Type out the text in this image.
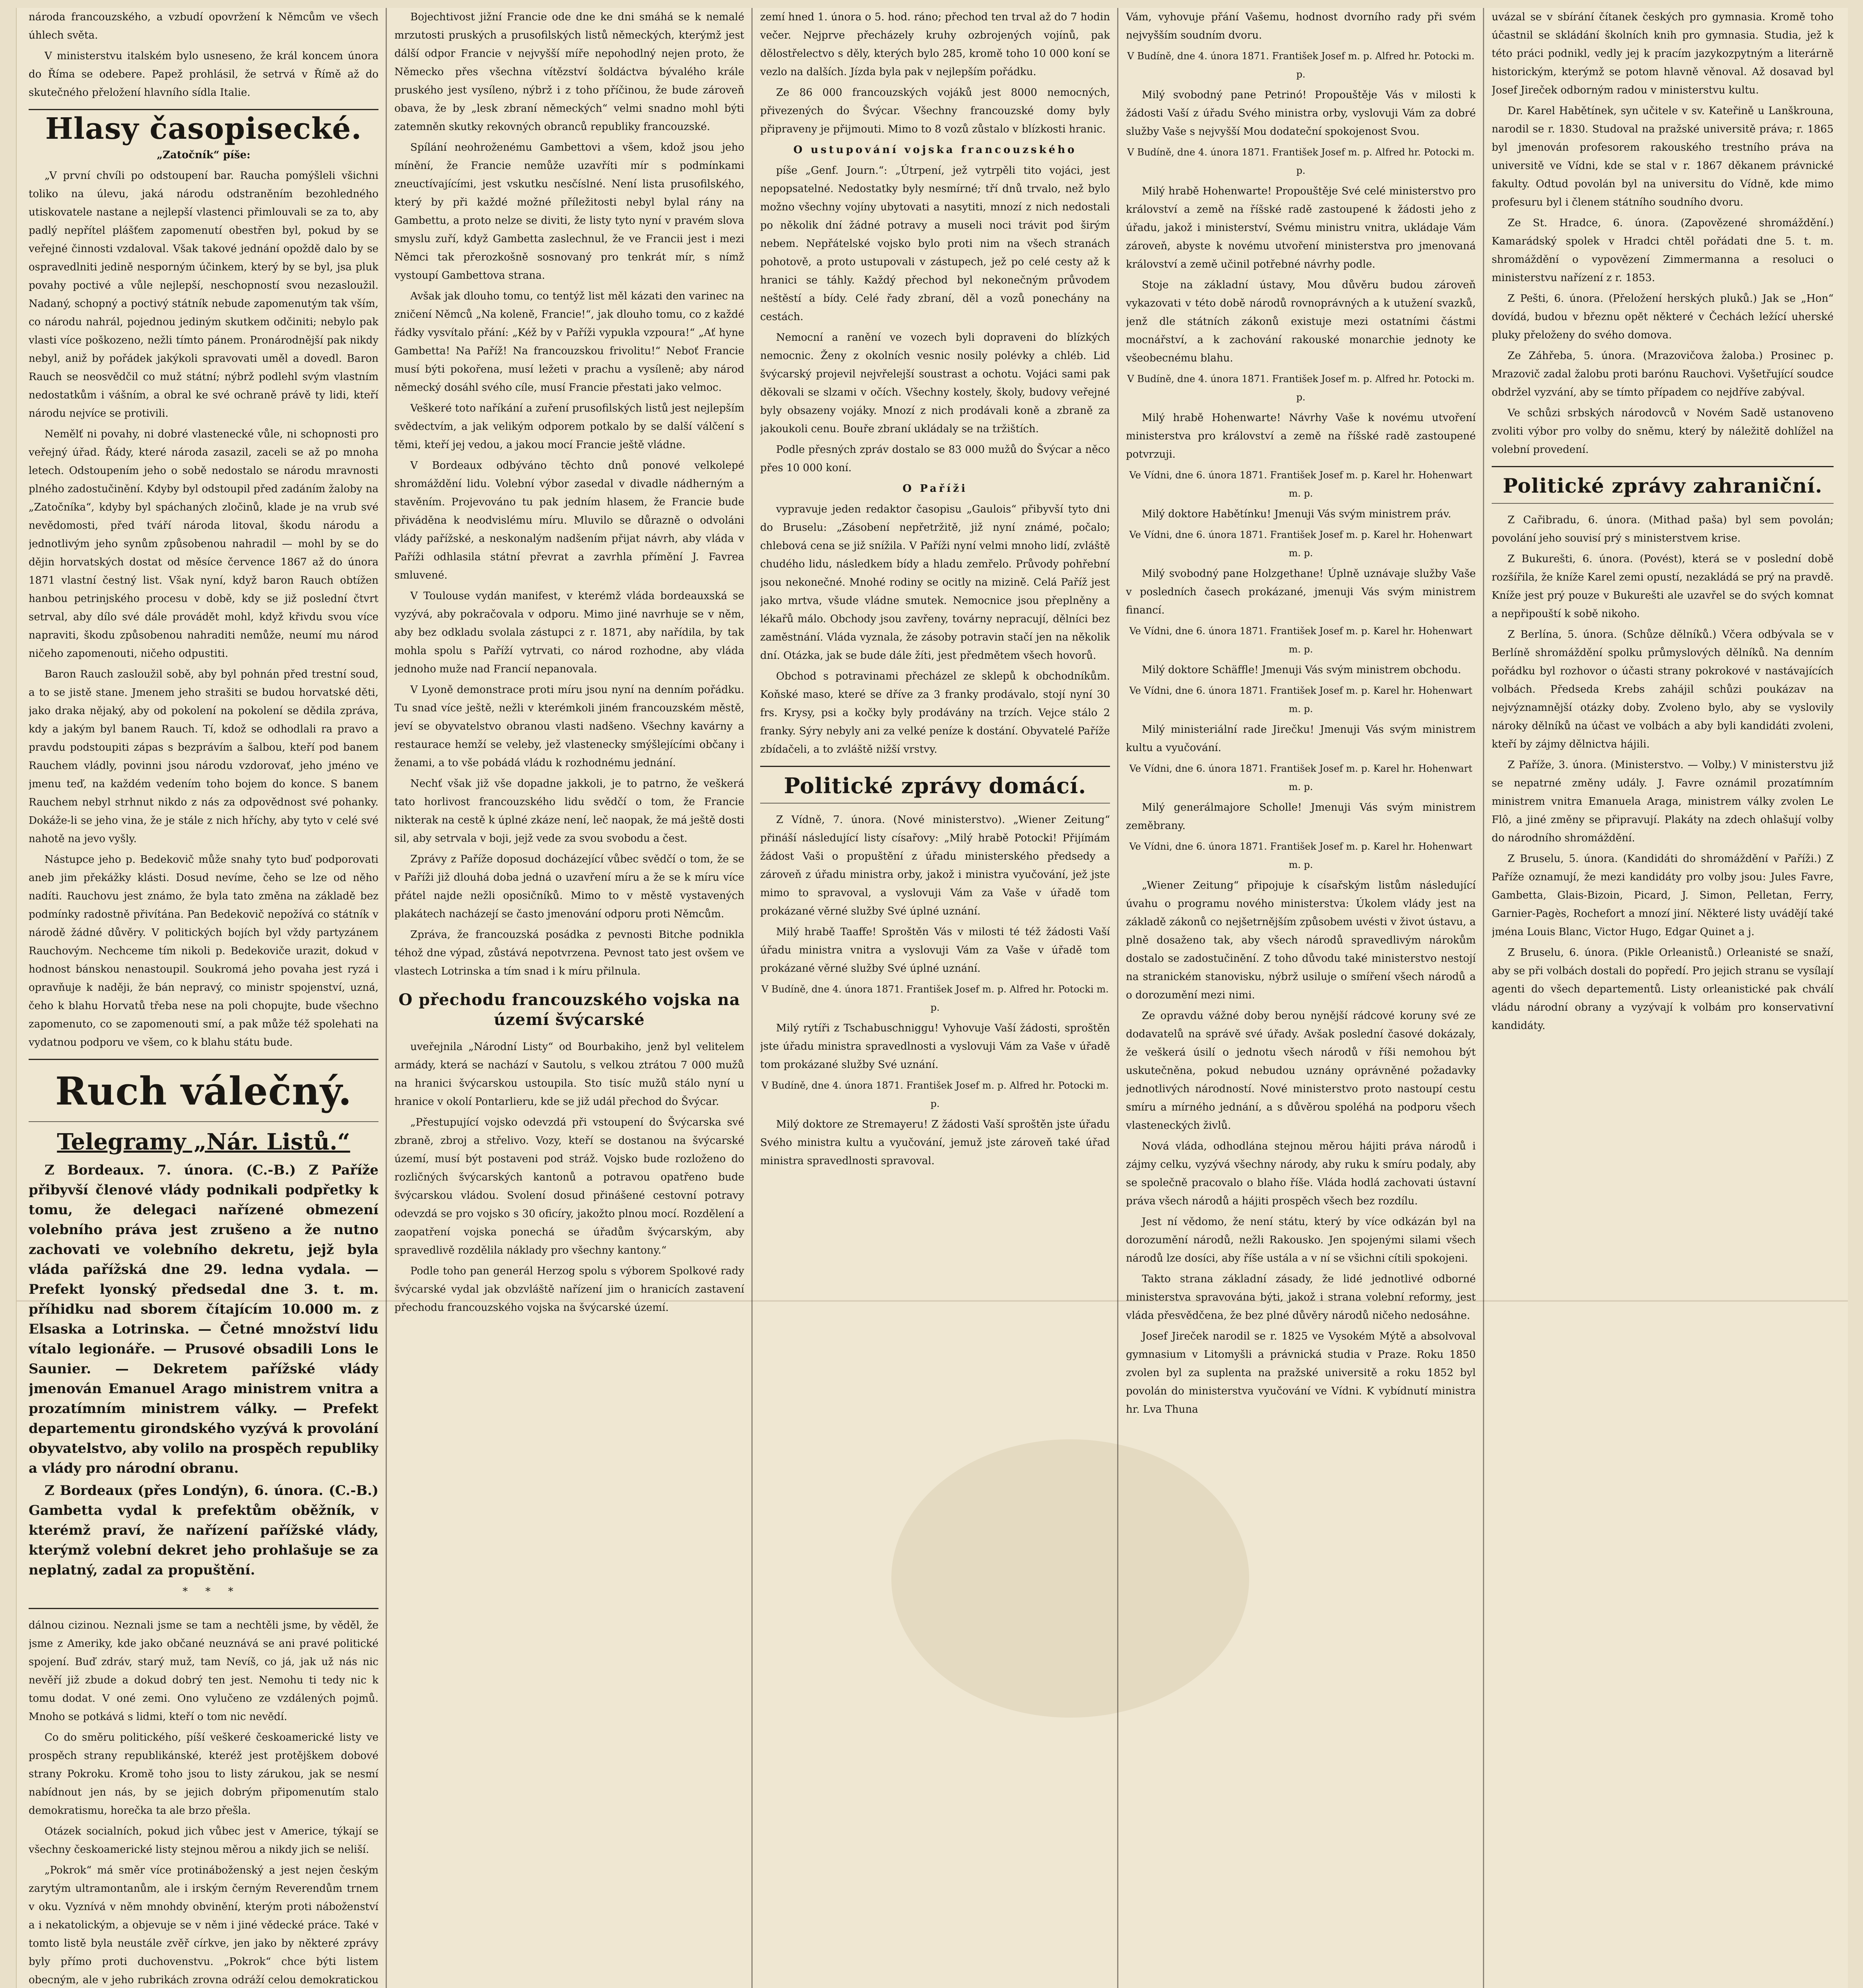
národa francouzského, a vzbudí opovržení k Němcům ve všech úhlech světa.

V ministerstvu italském bylo usneseno, že král koncem února do Říma se odebere. Papež prohlásil, že setrvá v Římě až do skutečného přeložení hlavního sídla Italie.

Hlasy časopisecké.

„Zatočník“ píše:

„V první chvíli po odstoupení bar. Raucha pomýšleli všichni toliko na úlevu, jaká národu odstraněním bezohledného utiskovatele nastane a nejlepší vlastenci přimlouvali se za to, aby padlý nepřítel plášťem zapomenutí obestřen byl, pokud by se veřejné činnosti vzdaloval. Však takové jednání opoždě dalo by se ospravedlniti jedině nesporným účinkem, který by se byl, jsa pluk povahy poctivé a vůle nejlepší, neschopností svou nezasloužil. Nadaný, schopný a poctivý státník nebude zapomenutým tak vším, co národu nahrál, pojednou jediným skutkem odčiniti; nebylo pak vlasti více poškozeno, nežli tímto pánem. Pronárodnější pak nikdy nebyl, aniž by pořádek jakýkoli spravovati uměl a dovedl. Baron Rauch se neosvědčil co muž státní; nýbrž podlehl svým vlastním nedostatkům i vášním, a obral ke své ochraně právě ty lidi, kteří národu nejvíce se protivili.

Nemělť ni povahy, ni dobré vlastenecké vůle, ni schopnosti pro veřejný úřad. Řády, které národa zasazil, zaceli se až po mnoha letech. Odstoupením jeho o sobě nedostalo se národu mravnosti plného zadostučinění. Kdyby byl odstoupil před zadáním žaloby na „Zatočníka“, kdyby byl spáchaných zločinů, klade je na vrub své nevědomosti, před tváří národa litoval, škodu národu a jednotlivým jeho synům způsobenou nahradil — mohl by se do dějin horvatských dostat od měsíce července 1867 až do února 1871 vlastní čestný list. Však nyní, když baron Rauch obtížen hanbou petrinjského procesu v době, kdy se již poslední čtvrt setrval, aby dílo své dále provádět mohl, když křivdu svou více napraviti, škodu způsobenou nahraditi nemůže, neumí mu národ ničeho zapomenouti, ničeho odpustiti.

Baron Rauch zasloužil sobě, aby byl pohnán před trestní soud, a to se jistě stane. Jmenem jeho strašiti se budou horvatské děti, jako draka nějaký, aby od pokolení na pokolení se dědila zpráva, kdy a jakým byl banem Rauch. Tí, kdož se odhodlali ra pravo a pravdu podstoupiti zápas s bezprávím a šalbou, kteří pod banem Rauchem vládly, povinni jsou národu vzdorovať, jeho jméno ve jmenu teď, na každém vedením toho bojem do konce. S banem Rauchem nebyl strhnut nikdo z nás za odpovědnost své pohanky. Dokáže-li se jeho vina, že je stále z nich hříchy, aby tyto v celé své nahotě na jevo vyšly.

Nástupce jeho p. Bedekovič může snahy tyto buď podporovati aneb jim překážky klásti. Dosud nevíme, čeho se lze od něho nadíti. Rauchovu jest známo, že byla tato změna na základě bez podmínky radostně přivítána. Pan Bedekovič nepožívá co státník v národě žádné důvěry. V politických bojích byl vždy partyzánem Rauchovým. Nechceme tím nikoli p. Bedekoviče urazit, dokud v hodnost bánskou nenastoupil. Soukromá jeho povaha jest ryzá i opravňuje k naději, že bán nepravý, co ministr spojenství, uzná, čeho k blahu Horvatů třeba nese na poli chopujte, bude všechno zapomenuto, co se zapomenouti smí, a pak může též spolehati na vydatnou podporu ve všem, co k blahu státu bude.

Ruch válečný.
Telegramy „Nár. Listů.“

Z Bordeaux. 7. února. (C.-B.) Z Paříže přibyvší členové vlády podnikali podpřetky k tomu, že delegaci nařízené obmezení volebního práva jest zrušeno a že nutno zachovati ve volebního dekretu, jejž byla vláda pařížská dne 29. ledna vydala. — Prefekt lyonský předsedal dne 3. t. m. příhidku nad sborem čítajícím 10.000 m. z Elsaska a Lotrinska. — Četné množství lidu vítalo legionáře. — Prusové obsadili Lons le Saunier. — Dekretem pařížské vlády jmenován Emanuel Arago ministrem vnitra a prozatímním ministrem války. — Prefekt departementu girondského vyzývá k provolání obyvatelstvo, aby volilo na prospěch republiky a vlády pro národní obranu.

Z Bordeaux (přes Londýn), 6. února. (C.-B.) Gambetta vydal k prefektům oběžník, v kterémž praví, že nařízení pařížské vlády, kterýmž volební dekret jeho prohlašuje se za neplatný, zadal za propuštění.

* * *

dálnou cizinou. Neznali jsme se tam a nechtěli jsme, by věděl, že jsme z Ameriky, kde jako občané neuznává se ani pravé politické spojení. Buď zdráv, starý muž, tam Nevíš, co já, jak už nás nic nevěří již zbude a dokud dobrý ten jest. Nemohu ti tedy nic k tomu dodat. V oné zemi. Ono vylučeno ze vzdálených pojmů. Mnoho se potkává s lidmi, kteří o tom nic nevědí.

Co do směru politického, píší veškeré českoamerické listy ve prospěch strany republikánské, kteréž jest protějškem dobové strany Pokroku. Kromě toho jsou to listy zárukou, jak se nesmí nabídnout jen nás, by se jejich dobrým připomenutím stalo demokratismu, horečka ta ale brzo přešla.

Otázek socialních, pokud jich vůbec jest v Americe, týkají se všechny českoamerické listy stejnou měrou a nikdy jich se neliší.

„Pokrok“ má směr více protináboženský a jest nejen českým zarytým ultramontanům, ale i irským černým Reverendům trnem v oku. Vyznívá v něm mnohdy obvinění, kterým proti náboženství a i nekatolickým, a objevuje se v něm i jiné vědecké práce. Také v tomto listě byla neustále zvěř církve, jen jako by některé zprávy byly přímo proti duchovenstvu. „Pokrok“ chce býti listem obecným, ale v jeho rubrikách zrovna odráží celou demokratickou

Bojechtivost jižní Francie ode dne ke dni smáhá se k nemalé mrzutosti pruských a prusofilských listů německých, kterýmž jest dálší odpor Francie v nejvyšší míře nepohodlný nejen proto, že Německo přes všechna vítězství šoldáctva bývalého krále pruského jest vysíleno, nýbrž i z toho příčinou, že bude zároveň obava, že by „lesk zbraní německých“ velmi snadno mohl býti zatemněn skutky rekovných obranců republiky francouzské.

Spílání neohroženému Gambettovi a všem, kdož jsou jeho mínění, že Francie nemůže uzavříti mír s podmínkami zneuctívajícími, jest vskutku nesčíslné. Není lista prusofilského, který by při každé možné příležitosti nebyl bylal rány na Gambettu, a proto nelze se diviti, že listy tyto nyní v pravém slova smyslu zuří, když Gambetta zaslechnul, že ve Francii jest i mezi Němci tak přerozkošně sosnovaný pro tenkrát mír, s nímž vystoupí Gambettova strana.

Avšak jak dlouho tomu, co tentýž list měl kázati den varinec na zničení Němců „Na koleně, Francie!“, jak dlouho tomu, co z každé řádky vysvítalo přání: „Kéž by v Paříži vypukla vzpoura!“ „Ať hyne Gambetta! Na Paříž! Na francouzskou frivolitu!“ Neboť Francie musí býti pokořena, musí ležeti v prachu a vysíleně; aby národ německý dosáhl svého cíle, musí Francie přestati jako velmoc.

Veškeré toto naříkání a zuření prusofilských listů jest nejlepším svědectvím, a jak velikým odporem potkalo by se další válčení s těmi, kteří jej vedou, a jakou mocí Francie ještě vládne.

V Bordeaux odbýváno těchto dnů ponové velkolepé shromáždění lidu. Volební výbor zasedal v divadle nádherným a stavěním. Projevováno tu pak jedním hlasem, že Francie bude přiváděna k neodvislému míru. Mluvilo se důrazně o odvoláni vlády pařížské, a neskonalým nadšením přijat návrh, aby vláda v Paříži odhlasila státní převrat a zavrhla přímění J. Favrea smluvené.

V Toulouse vydán manifest, v kterémž vláda bordeauxská se vyzývá, aby pokračovala v odporu. Mimo jiné navrhuje se v něm, aby bez odkladu svolala zástupci z r. 1871, aby nařídila, by tak mohla spolu s Paříží vytrvati, co národ rozhodne, aby vláda jednoho muže nad Francií nepanovala.

V Lyoně demonstrace proti míru jsou nyní na denním pořádku. Tu snad více ještě, nežli v kterémkoli jiném francouzském městě, jeví se obyvatelstvo obranou vlasti nadšeno. Všechny kavárny a restaurace hemží se veleby, jež vlastenecky smýšlejícími občany i ženami, a to vše pobádá vládu k rozhodnému jednání.

Nechť však již vše dopadne jakkoli, je to patrno, že veškerá tato horlivost francouzského lidu svědčí o tom, že Francie nikterak na cestě k úplné zkáze není, leč naopak, že má ještě dosti sil, aby setrvala v boji, jejž vede za svou svobodu a čest.

Zprávy z Paříže doposud docházející vůbec svědčí o tom, že se v Paříži již dlouhá doba jedná o uzavření míru a že se k míru více přátel najde nežli oposičníků. Mimo to v městě vystavených plakátech nacházejí se často jmenování odporu proti Němcům.

Zpráva, že francouzská posádka z pevnosti Bitche podnikla téhož dne výpad, zůstává nepotvrzena. Pevnost tato jest ovšem ve vlastech Lotrinska a tím snad i k míru přilnula.

O přechodu francouzského vojska na území švýcarské

uveřejnila „Národní Listy“ od Bourbakiho, jenž byl velitelem armády, která se nachází v Sautolu, s velkou ztrátou 7 000 mužů na hranici švýcarskou ustoupila. Sto tisíc mužů stálo nyní u hranice v okolí Pontarlieru, kde se již udál přechod do Švýcar.

„Přestupující vojsko odevzdá při vstoupení do Švýcarska své zbraně, zbroj a střelivo. Vozy, kteří se dostanou na švýcarské území, musí být postaveni pod stráž. Vojsko bude rozloženo do rozličných švýcarských kantonů a potravou opatřeno bude švýcarskou vládou. Svolení dosud přinášené cestovní potravy odevzdá se pro vojsko s 30 oficíry, jakožto plnou mocí. Rozdělení a zaopatření vojska ponechá se úřadům švýcarským, aby spravedlivě rozdělila náklady pro všechny kantony.“

Podle toho pan generál Herzog spolu s výborem Spolkové rady švýcarské vydal jak obzvláště nařízení jim o hranicích zastavení přechodu francouzského vojska na švýcarské území.

zemí hned 1. února o 5. hod. ráno; přechod ten trval až do 7 hodin večer. Nejprve přecházely kruhy ozbrojených vojínů, pak dělostřelectvo s děly, kterých bylo 285, kromě toho 10 000 koní se vezlo na dalších. Jízda byla pak v nejlepším pořádku.

Ze 86 000 francouzských vojáků jest 8000 nemocných, přivezených do Švýcar. Všechny francouzské domy byly připraveny je přijmouti. Mimo to 8 vozů zůstalo v blízkosti hranic.

O ustupování vojska francouzského

píše „Genf. Journ.“: „Útrpení, jež vytrpěli tito vojáci, jest nepopsatelné. Nedostatky byly nesmírné; tří dnů trvalo, než bylo možno všechny vojíny ubytovati a nasytiti, mnozí z nich nedostali po několik dní žádné potravy a museli noci trávit pod širým nebem. Nepřátelské vojsko bylo proti nim na všech stranách pohotově, a proto ustupovali v zástupech, jež po celé cesty až k hranici se táhly. Každý přechod byl nekonečným průvodem neštěstí a bídy. Celé řady zbraní, děl a vozů ponechány na cestách.

Nemocní a ranění ve vozech byli dopraveni do blízkých nemocnic. Ženy z okolních vesnic nosily polévky a chléb. Lid švýcarský projevil nejvřelejší soustrast a ochotu. Vojáci sami pak děkovali se slzami v očích. Všechny kostely, školy, budovy veřejné byly obsazeny vojáky. Mnozí z nich prodávali koně a zbraně za jakoukoli cenu. Bouře zbraní ukládaly se na tržištích.

Podle přesných zpráv dostalo se 83 000 mužů do Švýcar a něco přes 10 000 koní.

O Paříži

vypravuje jeden redaktor časopisu „Gaulois“ přibyvší tyto dni do Bruselu: „Zásobení nepřetržitě, již nyní známé, počalo; chlebová cena se již snížila. V Paříži nyní velmi mnoho lidí, zvláště chudého lidu, následkem bídy a hladu zemřelo. Průvody pohřební jsou nekonečné. Mnohé rodiny se ocitly na mizině. Celá Paříž jest jako mrtva, všude vládne smutek. Nemocnice jsou přeplněny a lékařů málo. Obchody jsou zavřeny, továrny nepracují, dělníci bez zaměstnání. Vláda vyznala, že zásoby potravin stačí jen na několik dní. Otázka, jak se bude dále žíti, jest předmětem všech hovorů.

Obchod s potravinami přecházel ze sklepů k obchodníkům. Koňské maso, které se dříve za 3 franky prodávalo, stojí nyní 30 frs. Krysy, psi a kočky byly prodávány na trzích. Vejce stálo 2 franky. Sýry nebyly ani za velké peníze k dostání. Obyvatelé Paříže zbídačeli, a to zvláště nižší vrstvy.

Politické zprávy domácí.

Z Vídně, 7. února. (Nové ministerstvo). „Wiener Zeitung“ přináší následující listy císařovy: „Milý hrabě Potocki! Přijímám žádost Vaši o propuštění z úřadu ministerského předsedy a zároveň z úřadu ministra orby, jakož i ministra vyučování, jež jste mimo to spravoval, a vyslovuji Vám za Vaše v úřadě tom prokázané věrné služby Své úplné uznání.

Milý hrabě Taaffe! Sproštěn Vás v milosti té též žádosti Vaší úřadu ministra vnitra a vyslovuji Vám za Vaše v úřadě tom prokázané věrné služby Své úplné uznání.

V Budíně, dne 4. února 1871. František Josef m. p. Alfred hr. Potocki m. p.

Milý rytíři z Tschabuschniggu! Vyhovuje Vaší žádosti, sproštěn jste úřadu ministra spravedlnosti a vyslovuji Vám za Vaše v úřadě tom prokázané služby Své uznání.

V Budíně, dne 4. února 1871. František Josef m. p. Alfred hr. Potocki m. p.

Milý doktore ze Stremayeru! Z žádosti Vaší sproštěn jste úřadu Svého ministra kultu a vyučování, jemuž jste zároveň také úřad ministra spravedlnosti spravoval.

Vám, vyhovuje přání Vašemu, hodnost dvorního rady při svém nejvyšším soudním dvoru.

V Budíně, dne 4. února 1871. František Josef m. p. Alfred hr. Potocki m. p.

Milý svobodný pane Petrinó! Propouštěje Vás v milosti k žádosti Vaší z úřadu Svého ministra orby, vyslovuji Vám za dobré služby Vaše s nejvyšší Mou dodateční spokojenost Svou.

V Budíně, dne 4. února 1871. František Josef m. p. Alfred hr. Potocki m. p.

Milý hrabě Hohenwarte! Propouštěje Své celé ministerstvo pro království a země na říšské radě zastoupené k žádosti jeho z úřadu, jakož i ministerství, Svému ministru vnitra, ukládaje Vám zároveň, abyste k novému utvoření ministerstva pro jmenovaná království a země učinil potřebné návrhy podle.

Stoje na základní ústavy, Mou důvěru budou zároveň vykazovati v této době národů rovnoprávných a k utužení svazků, jenž dle státních zákonů existuje mezi ostatními částmi mocnářství, a k zachování rakouské monarchie jednoty ke všeobecnému blahu.

V Budíně, dne 4. února 1871. František Josef m. p. Alfred hr. Potocki m. p.

Milý hrabě Hohenwarte! Návrhy Vaše k novému utvoření ministerstva pro království a země na říšské radě zastoupené potvrzuji.

Ve Vídni, dne 6. února 1871. František Josef m. p. Karel hr. Hohenwart m. p.

Milý doktore Habětínku! Jmenuji Vás svým ministrem práv.

Ve Vídni, dne 6. února 1871. František Josef m. p. Karel hr. Hohenwart m. p.

Milý svobodný pane Holzgethane! Úplně uznávaje služby Vaše v posledních časech prokázané, jmenuji Vás svým ministrem financí.

Ve Vídni, dne 6. února 1871. František Josef m. p. Karel hr. Hohenwart m. p.

Milý doktore Schäffle! Jmenuji Vás svým ministrem obchodu.

Ve Vídni, dne 6. února 1871. František Josef m. p. Karel hr. Hohenwart m. p.

Milý ministeriální rade Jirečku! Jmenuji Vás svým ministrem kultu a vyučování.

Ve Vídni, dne 6. února 1871. František Josef m. p. Karel hr. Hohenwart m. p.

Milý generálmajore Scholle! Jmenuji Vás svým ministrem zeměbrany.

Ve Vídni, dne 6. února 1871. František Josef m. p. Karel hr. Hohenwart m. p.

„Wiener Zeitung“ připojuje k císařským listům následující úvahu o programu nového ministerstva: Úkolem vlády jest na základě zákonů co nejšetrnějším způsobem uvésti v život ústavu, a plně dosaženo tak, aby všech národů spravedlivým nárokům dostalo se zadostučinění. Z toho důvodu také ministerstvo nestojí na stranickém stanovisku, nýbrž usiluje o smíření všech národů a o dorozumění mezi nimi.

Ze opravdu vážné doby berou nynější rádcové koruny své ze dodavatelů na správě své úřady. Avšak poslední časové dokázaly, že veškerá úsilí o jednotu všech národů v říši nemohou být uskutečněna, pokud nebudou uznány oprávněné požadavky jednotlivých národností. Nové ministerstvo proto nastoupí cestu smíru a mírného jednání, a s důvěrou spoléhá na podporu všech vlasteneckých živlů.

Nová vláda, odhodlána stejnou měrou hájiti práva národů i zájmy celku, vyzývá všechny národy, aby ruku k smíru podaly, aby se společně pracovalo o blaho říše. Vláda hodlá zachovati ústavní práva všech národů a hájiti prospěch všech bez rozdílu.

Jest ní vědomo, že není státu, který by více odkázán byl na dorozumění národů, nežli Rakousko. Jen spojenými silami všech národů lze dosíci, aby říše ustála a v ní se všichni cítili spokojeni.

Takto strana základní zásady, že lidé jednotlivé odborné ministerstva spravována býti, jakož i strana volební reformy, jest vláda přesvědčena, že bez plné důvěry národů ničeho nedosáhne.

Josef Jireček narodil se r. 1825 ve Vysokém Mýtě a absolvoval gymnasium v Litomyšli a právnická studia v Praze. Roku 1850 zvolen byl za suplenta na pražské universitě a roku 1852 byl povolán do ministerstva vyučování ve Vídni. K vybídnutí ministra hr. Lva Thuna

uvázal se v sbírání čítanek českých pro gymnasia. Kromě toho účastnil se skládání školních knih pro gymnasia. Studia, jež k této práci podnikl, vedly jej k pracím jazykozpytným a literárně historickým, kterýmž se potom hlavně věnoval. Až dosavad byl Josef Jireček odborným radou v ministerstvu kultu.

Dr. Karel Habětínek, syn učitele v sv. Kateřině u Lanškrouna, narodil se r. 1830. Studoval na pražské universitě práva; r. 1865 byl jmenován profesorem rakouského trestního práva na universitě ve Vídni, kde se stal v r. 1867 děkanem právnické fakulty. Odtud povolán byl na universitu do Vídně, kde mimo profesuru byl i členem státního soudního dvoru.

Ze St. Hradce, 6. února. (Zapovězené shromáždění.) Kamarádský spolek v Hradci chtěl pořádati dne 5. t. m. shromáždění o vypovězení Zimmermanna a resoluci o ministerstvu nařízení z r. 1853.

Z Pešti, 6. února. (Přeložení herských pluků.) Jak se „Hon“ dovídá, budou v březnu opět některé v Čechách ležící uherské pluky přeloženy do svého domova.

Ze Záhřeba, 5. února. (Mrazovičova žaloba.) Prosinec p. Mrazovič zadal žalobu proti barónu Rauchovi. Vyšetřující soudce obdržel vyzvání, aby se tímto případem co nejdříve zabýval.

Ve schůzi srbských národovců v Novém Sadě ustanoveno zvoliti výbor pro volby do sněmu, který by náležitě dohlížel na volební provedení.

Politické zprávy zahraniční.

Z Cařibradu, 6. února. (Mithad paša) byl sem povolán; povolání jeho souvisí prý s ministerstvem krise.

Z Bukurešti, 6. února. (Povést), která se v poslední době rozšířila, že kníže Karel zemi opustí, nezakládá se prý na pravdě. Kníže jest prý pouze v Bukurešti ale uzavřel se do svých komnat a nepřipouští k sobě nikoho.

Z Berlína, 5. února. (Schůze dělníků.) Včera odbývala se v Berlíně shromáždění spolku průmyslových dělníků. Na denním pořádku byl rozhovor o účasti strany pokrokové v nastávajících volbách. Předseda Krebs zahájil schůzi poukázav na nejvýznamnější otázky doby. Zvoleno bylo, aby se vyslovily nároky dělníků na účast ve volbách a aby byli kandidáti zvoleni, kteří by zájmy dělnictva hájili.

Z Paříže, 3. února. (Ministerstvo. — Volby.) V ministerstvu již se nepatrné změny udály. J. Favre oznámil prozatímním ministrem vnitra Emanuela Araga, ministrem války zvolen Le Flô, a jiné změny se připravují. Plakáty na zdech ohlašují volby do národního shromáždění.

Z Bruselu, 5. února. (Kandidáti do shromáždění v Paříži.) Z Paříže oznamují, že mezi kandidáty pro volby jsou: Jules Favre, Gambetta, Glais-Bizoin, Picard, J. Simon, Pelletan, Ferry, Garnier-Pagès, Rochefort a mnozí jiní. Některé listy uvádějí také jména Louis Blanc, Victor Hugo, Edgar Quinet a j.

Z Bruselu, 6. února. (Pikle Orleanistů.) Orleanisté se snaží, aby se při volbách dostali do popředí. Pro jejich stranu se vysílají agenti do všech departementů. Listy orleanistické pak chválí vládu národní obrany a vyzývají k volbám pro konservativní kandidáty.
